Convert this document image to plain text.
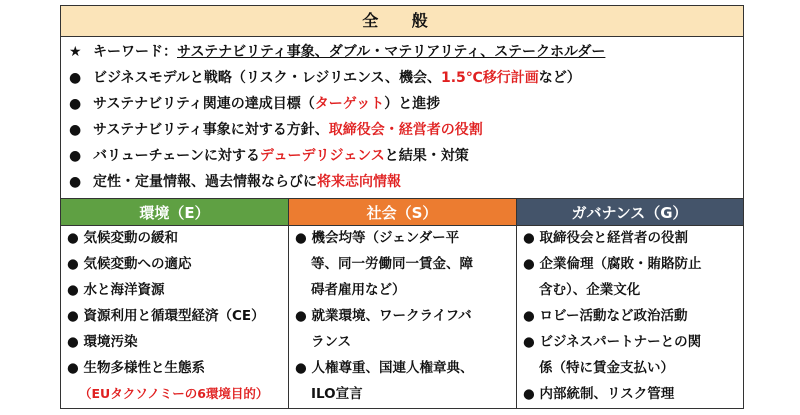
全 般
★ キーワード：サステナビリティ事象、ダブル・マテリアリティ、ステークホルダー
● ビジネスモデルと戦略（リスク・レジリエンス、機会、1.5℃移行計画など）
● サステナビリティ関連の達成目標（ターゲット）と進捗
● サステナビリティ事象に対する方針、取締役会・経営者の役割
● バリューチェーンに対するデューデリジェンスと結果・対策
● 定性・定量情報、過去情報ならびに将来志向情報
環境（E）	社会（S）	ガバナンス（G）
● 気候変動の緩和
● 気候変動への適応
● 水と海洋資源
● 資源利用と循環型経済（CE）
● 環境汚染
● 生物多様性と生態系
（EUタクソノミーの6環境目的）
● 機会均等（ジェンダー平
等、同一労働同一賃金、障
碍者雇用など）
● 就業環境、ワークライフバ
ランス
● 人権尊重、国連人権章典、
ILO宣言
● 取締役会と経営者の役割
● 企業倫理（腐敗・賄賂防止
含む）、企業文化
● ロビー活動など政治活動
● ビジネスパートナーとの関
係（特に賃金支払い）
● 内部統制、リスク管理
